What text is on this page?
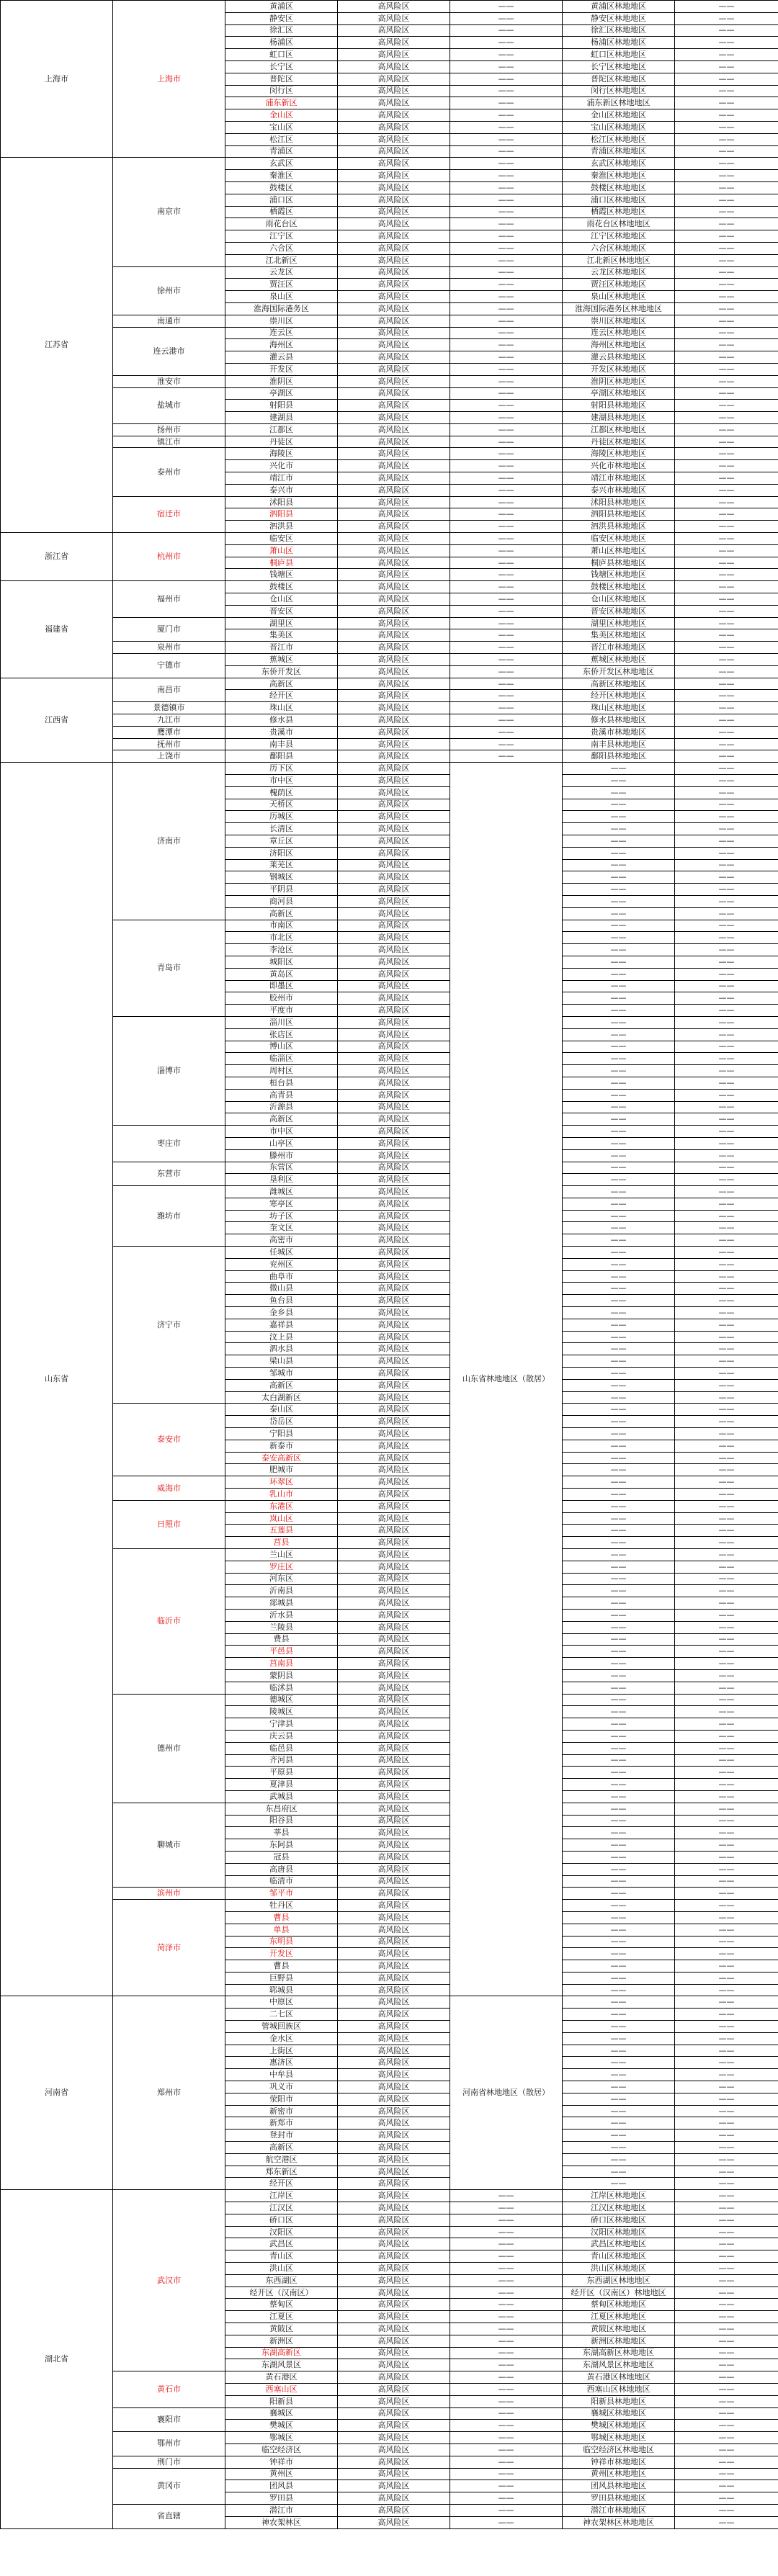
上海市	上海市	黄浦区	高风险区	——	黄浦区林地地区	——
		静安区	高风险区	——	静安区林地地区	——
		徐汇区	高风险区	——	徐汇区林地地区	——
		杨浦区	高风险区	——	杨浦区林地地区	——
		虹口区	高风险区	——	虹口区林地地区	——
		长宁区	高风险区	——	长宁区林地地区	——
		普陀区	高风险区	——	普陀区林地地区	——
		闵行区	高风险区	——	闵行区林地地区	——
		浦东新区	高风险区	——	浦东新区林地地区	——
		金山区	高风险区	——	金山区林地地区	——
		宝山区	高风险区	——	宝山区林地地区	——
		松江区	高风险区	——	松江区林地地区	——
		青浦区	高风险区	——	青浦区林地地区	——
江苏省	南京市	玄武区	高风险区	——	玄武区林地地区	——
		秦淮区	高风险区	——	秦淮区林地地区	——
		鼓楼区	高风险区	——	鼓楼区林地地区	——
		浦口区	高风险区	——	浦口区林地地区	——
		栖霞区	高风险区	——	栖霞区林地地区	——
		雨花台区	高风险区	——	雨花台区林地地区	——
		江宁区	高风险区	——	江宁区林地地区	——
		六合区	高风险区	——	六合区林地地区	——
		江北新区	高风险区	——	江北新区林地地区	——
	徐州市	云龙区	高风险区	——	云龙区林地地区	——
		贾汪区	高风险区	——	贾汪区林地地区	——
		泉山区	高风险区	——	泉山区林地地区	——
		淮海国际港务区	高风险区	——	淮海国际港务区林地地区	——
	南通市	崇川区	高风险区	——	崇川区林地地区	——
	连云港市	连云区	高风险区	——	连云区林地地区	——
		海州区	高风险区	——	海州区林地地区	——
		灌云县	高风险区	——	灌云县林地地区	——
		开发区	高风险区	——	开发区林地地区	——
	淮安市	淮阴区	高风险区	——	淮阴区林地地区	——
	盐城市	亭湖区	高风险区	——	亭湖区林地地区	——
		射阳县	高风险区	——	射阳县林地地区	——
		建湖县	高风险区	——	建湖县林地地区	——
	扬州市	江都区	高风险区	——	江都区林地地区	——
	镇江市	丹徒区	高风险区	——	丹徒区林地地区	——
	泰州市	海陵区	高风险区	——	海陵区林地地区	——
		兴化市	高风险区	——	兴化市林地地区	——
		靖江市	高风险区	——	靖江市林地地区	——
		泰兴市	高风险区	——	泰兴市林地地区	——
	宿迁市	沭阳县	高风险区	——	沭阳县林地地区	——
		泗阳县	高风险区	——	泗阳县林地地区	——
		泗洪县	高风险区	——	泗洪县林地地区	——
浙江省	杭州市	临安区	高风险区	——	临安区林地地区	——
		萧山区	高风险区	——	萧山区林地地区	——
		桐庐县	高风险区	——	桐庐县林地地区	——
		钱塘区	高风险区	——	钱塘区林地地区	——
福建省	福州市	鼓楼区	高风险区	——	鼓楼区林地地区	——
		仓山区	高风险区	——	仓山区林地地区	——
		晋安区	高风险区	——	晋安区林地地区	——
	厦门市	湖里区	高风险区	——	湖里区林地地区	——
		集美区	高风险区	——	集美区林地地区	——
	泉州市	晋江市	高风险区	——	晋江市林地地区	——
	宁德市	蕉城区	高风险区	——	蕉城区林地地区	——
		东侨开发区	高风险区	——	东侨开发区林地地区	——
江西省	南昌市	高新区	高风险区	——	高新区林地地区	——
		经开区	高风险区	——	经开区林地地区	——
	景德镇市	珠山区	高风险区	——	珠山区林地地区	——
	九江市	修水县	高风险区	——	修水县林地地区	——
	鹰潭市	贵溪市	高风险区	——	贵溪市林地地区	——
	抚州市	南丰县	高风险区	——	南丰县林地地区	——
	上饶市	鄱阳县	高风险区	——	鄱阳县林地地区	——
山东省	济南市	历下区	高风险区	山东省林地地区（散居）	——	——
		市中区	高风险区		——	——
		槐荫区	高风险区		——	——
		天桥区	高风险区		——	——
		历城区	高风险区		——	——
		长清区	高风险区		——	——
		章丘区	高风险区		——	——
		济阳区	高风险区		——	——
		莱芜区	高风险区		——	——
		钢城区	高风险区		——	——
		平阴县	高风险区		——	——
		商河县	高风险区		——	——
		高新区	高风险区		——	——
	青岛市	市南区	高风险区		——	——
		市北区	高风险区		——	——
		李沧区	高风险区		——	——
		城阳区	高风险区		——	——
		黄岛区	高风险区		——	——
		即墨区	高风险区		——	——
		胶州市	高风险区		——	——
		平度市	高风险区		——	——
	淄博市	淄川区	高风险区		——	——
		张店区	高风险区		——	——
		博山区	高风险区		——	——
		临淄区	高风险区		——	——
		周村区	高风险区		——	——
		桓台县	高风险区		——	——
		高青县	高风险区		——	——
		沂源县	高风险区		——	——
		高新区	高风险区		——	——
	枣庄市	市中区	高风险区		——	——
		山亭区	高风险区		——	——
		滕州市	高风险区		——	——
	东营市	东营区	高风险区		——	——
		垦利区	高风险区		——	——
	潍坊市	潍城区	高风险区		——	——
		寒亭区	高风险区		——	——
		坊子区	高风险区		——	——
		奎文区	高风险区		——	——
		高密市	高风险区		——	——
	济宁市	任城区	高风险区		——	——
		兖州区	高风险区		——	——
		曲阜市	高风险区		——	——
		微山县	高风险区		——	——
		鱼台县	高风险区		——	——
		金乡县	高风险区		——	——
		嘉祥县	高风险区		——	——
		汶上县	高风险区		——	——
		泗水县	高风险区		——	——
		梁山县	高风险区		——	——
		邹城市	高风险区		——	——
		高新区	高风险区		——	——
		太白湖新区	高风险区		——	——
	泰安市	泰山区	高风险区		——	——
		岱岳区	高风险区		——	——
		宁阳县	高风险区		——	——
		新泰市	高风险区		——	——
		泰安高新区	高风险区		——	——
		肥城市	高风险区		——	——
	威海市	环翠区	高风险区		——	——
		乳山市	高风险区		——	——
	日照市	东港区	高风险区		——	——
		岚山区	高风险区		——	——
		五莲县	高风险区		——	——
		莒县	高风险区		——	——
	临沂市	兰山区	高风险区		——	——
		罗庄区	高风险区		——	——
		河东区	高风险区		——	——
		沂南县	高风险区		——	——
		郯城县	高风险区		——	——
		沂水县	高风险区		——	——
		兰陵县	高风险区		——	——
		费县	高风险区		——	——
		平邑县	高风险区		——	——
		莒南县	高风险区		——	——
		蒙阴县	高风险区		——	——
		临沭县	高风险区		——	——
	德州市	德城区	高风险区		——	——
		陵城区	高风险区		——	——
		宁津县	高风险区		——	——
		庆云县	高风险区		——	——
		临邑县	高风险区		——	——
		齐河县	高风险区		——	——
		平原县	高风险区		——	——
		夏津县	高风险区		——	——
		武城县	高风险区		——	——
	聊城市	东昌府区	高风险区		——	——
		阳谷县	高风险区		——	——
		莘县	高风险区		——	——
		东阿县	高风险区		——	——
		冠县	高风险区		——	——
		高唐县	高风险区		——	——
		临清市	高风险区		——	——
	滨州市	邹平市	高风险区		——	——
	菏泽市	牡丹区	高风险区		——	——
		曹县	高风险区		——	——
		单县	高风险区		——	——
		东明县	高风险区		——	——
		开发区	高风险区		——	——
		曹县	高风险区		——	——
		巨野县	高风险区		——	——
		郓城县	高风险区		——	——
河南省	郑州市	中原区	高风险区	河南省林地地区（散居）	——	——
		二七区	高风险区		——	——
		管城回族区	高风险区		——	——
		金水区	高风险区		——	——
		上街区	高风险区		——	——
		惠济区	高风险区		——	——
		中牟县	高风险区		——	——
		巩义市	高风险区		——	——
		荥阳市	高风险区		——	——
		新密市	高风险区		——	——
		新郑市	高风险区		——	——
		登封市	高风险区		——	——
		高新区	高风险区		——	——
		航空港区	高风险区		——	——
		郑东新区	高风险区		——	——
		经开区	高风险区		——	——
湖北省	武汉市	江岸区	高风险区	——	江岸区林地地区	——
		江汉区	高风险区	——	江汉区林地地区	——
		硚口区	高风险区	——	硚口区林地地区	——
		汉阳区	高风险区	——	汉阳区林地地区	——
		武昌区	高风险区	——	武昌区林地地区	——
		青山区	高风险区	——	青山区林地地区	——
		洪山区	高风险区	——	洪山区林地地区	——
		东西湖区	高风险区	——	东西湖区林地地区	——
		经开区（汉南区）	高风险区	——	经开区（汉南区）林地地区	——
		蔡甸区	高风险区	——	蔡甸区林地地区	——
		江夏区	高风险区	——	江夏区林地地区	——
		黄陂区	高风险区	——	黄陂区林地地区	——
		新洲区	高风险区	——	新洲区林地地区	——
		东湖高新区	高风险区	——	东湖高新区林地地区	——
		东湖风景区	高风险区	——	东湖风景区林地地区	——
	黄石市	黄石港区	高风险区	——	黄石港区林地地区	——
		西塞山区	高风险区	——	西塞山区林地地区	——
		阳新县	高风险区	——	阳新县林地地区	——
	襄阳市	襄城区	高风险区	——	襄城区林地地区	——
		樊城区	高风险区	——	樊城区林地地区	——
	鄂州市	鄂城区	高风险区	——	鄂城区林地地区	——
		临空经济区	高风险区	——	临空经济区林地地区	——
	荆门市	钟祥市	高风险区	——	钟祥市林地地区	——
	黄冈市	黄州区	高风险区	——	黄州区林地地区	——
		团风县	高风险区	——	团风县林地地区	——
		罗田县	高风险区	——	罗田县林地地区	——
	省直辖	潜江市	高风险区	——	潜江市林地地区	——
		神农架林区	高风险区	——	神农架林区林地地区	——
